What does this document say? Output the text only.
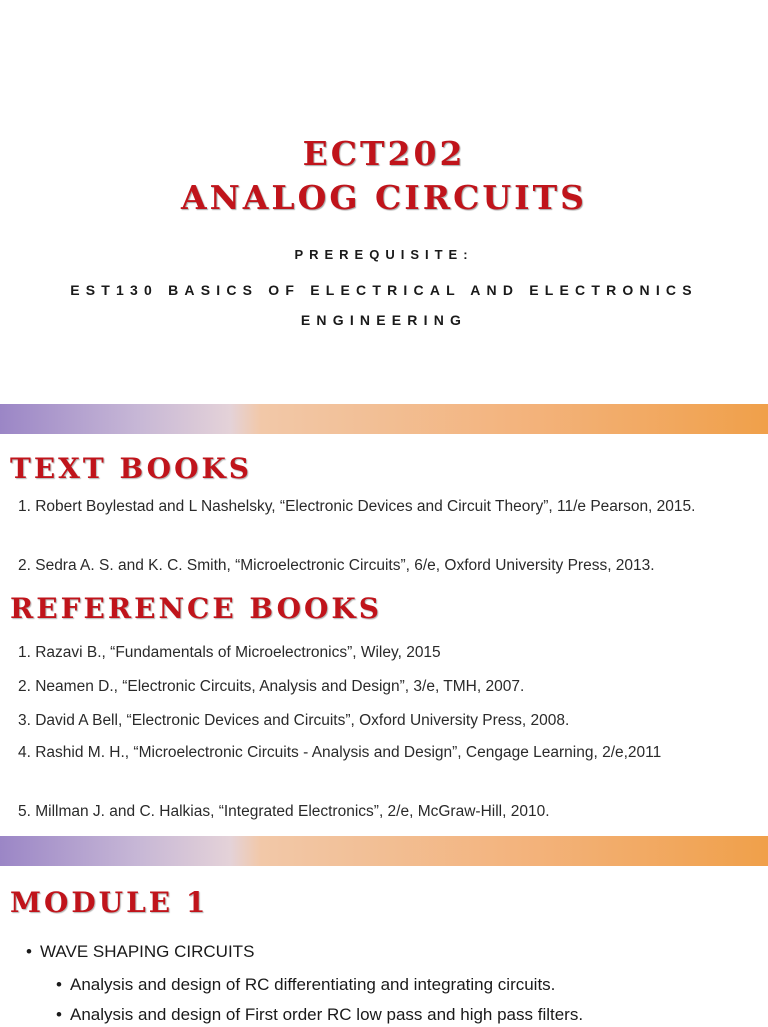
ECT202
ANALOG CIRCUITS
PREREQUISITE:
EST130 BASICS OF ELECTRICAL AND ELECTRONICS
ENGINEERING
TEXT BOOKS

1. Robert Boylestad and L Nashelsky, “Electronic Devices and Circuit Theory”, 11/e Pearson, 2015.

2. Sedra A. S. and K. C. Smith, “Microelectronic Circuits”, 6/e, Oxford University Press, 2013.

REFERENCE BOOKS

1. Razavi B., “Fundamentals of Microelectronics”, Wiley, 2015

2. Neamen D., “Electronic Circuits, Analysis and Design”, 3/e, TMH, 2007.

3. David A Bell, “Electronic Devices and Circuits”, Oxford University Press, 2008.

4. Rashid M. H., “Microelectronic Circuits - Analysis and Design”, Cengage Learning, 2/e,2011

5. Millman J. and C. Halkias, “Integrated Electronics”, 2/e, McGraw-Hill, 2010.

MODULE 1

• WAVE SHAPING CIRCUITS

• Analysis and design of RC differentiating and integrating circuits.

• Analysis and design of First order RC low pass and high pass filters.
